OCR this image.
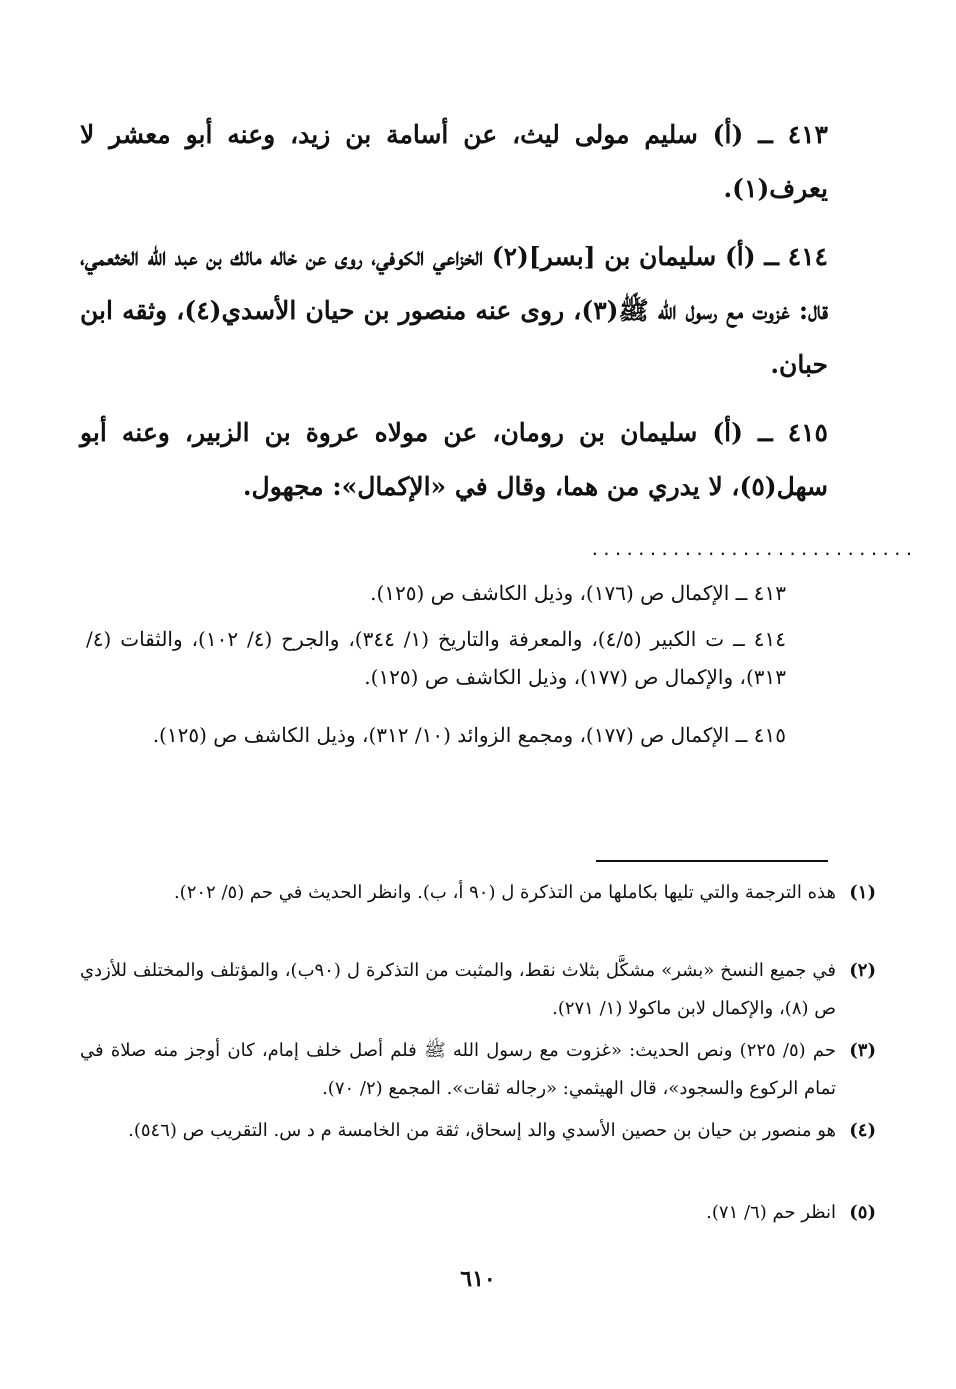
٤١٣ ــ (أ) سليم مولى ليث، عن أسامة بن زيد، وعنه أبو معشر لا يعرف(١).

٤١٤ ــ (أ) سليمان بن [بسر](٢) الخزاعي الكوفي، روى عن خاله مالك بن عبد الله الخثعمي، قال: غزوت مع رسول الله ﷺ(٣)، روى عنه منصور بن حيان الأسدي(٤)، وثقه ابن حبان.

٤١٥ ــ (أ) سليمان بن رومان، عن مولاه عروة بن الزبير، وعنه أبو سهل(٥)، لا يدري من هما، وقال في «الإكمال»: مجهول.

............................

٤١٣ ــ الإكمال ص (١٧٦)، وذيل الكاشف ص (١٢٥).

٤١٤ ــ ت الكبير (٤/٥)، والمعرفة والتاريخ (١/ ٣٤٤)، والجرح (٤/ ١٠٢)، والثقات (٤/ ٣١٣)، والإكمال ص (١٧٧)، وذيل الكاشف ص (١٢٥).

٤١٥ ــ الإكمال ص (١٧٧)، ومجمع الزوائد (١٠/ ٣١٢)، وذيل الكاشف ص (١٢٥).

(١)
هذه الترجمة والتي تليها بكاملها من التذكرة ل (٩٠ أ، ب). وانظر الحديث في حم (٥/ ٢٠٢).
(٢)
في جميع النسخ «بشر» مشكَّل بثلاث نقط، والمثبت من التذكرة ل (٩٠ب)، والمؤتلف والمختلف للأزدي ص (٨)، والإكمال لابن ماكولا (١/ ٢٧١).
(٣)
حم (٥/ ٢٢٥) ونص الحديث: «غزوت مع رسول الله ﷺ فلم أصل خلف إمام، كان أوجز منه صلاة في تمام الركوع والسجود»، قال الهيثمي: «رجاله ثقات». المجمع (٢/ ٧٠).
(٤)
هو منصور بن حيان بن حصين الأسدي والد إسحاق، ثقة من الخامسة م د س. التقريب ص (٥٤٦).
(٥)
انظر حم (٦/ ٧١).
٦١٠
